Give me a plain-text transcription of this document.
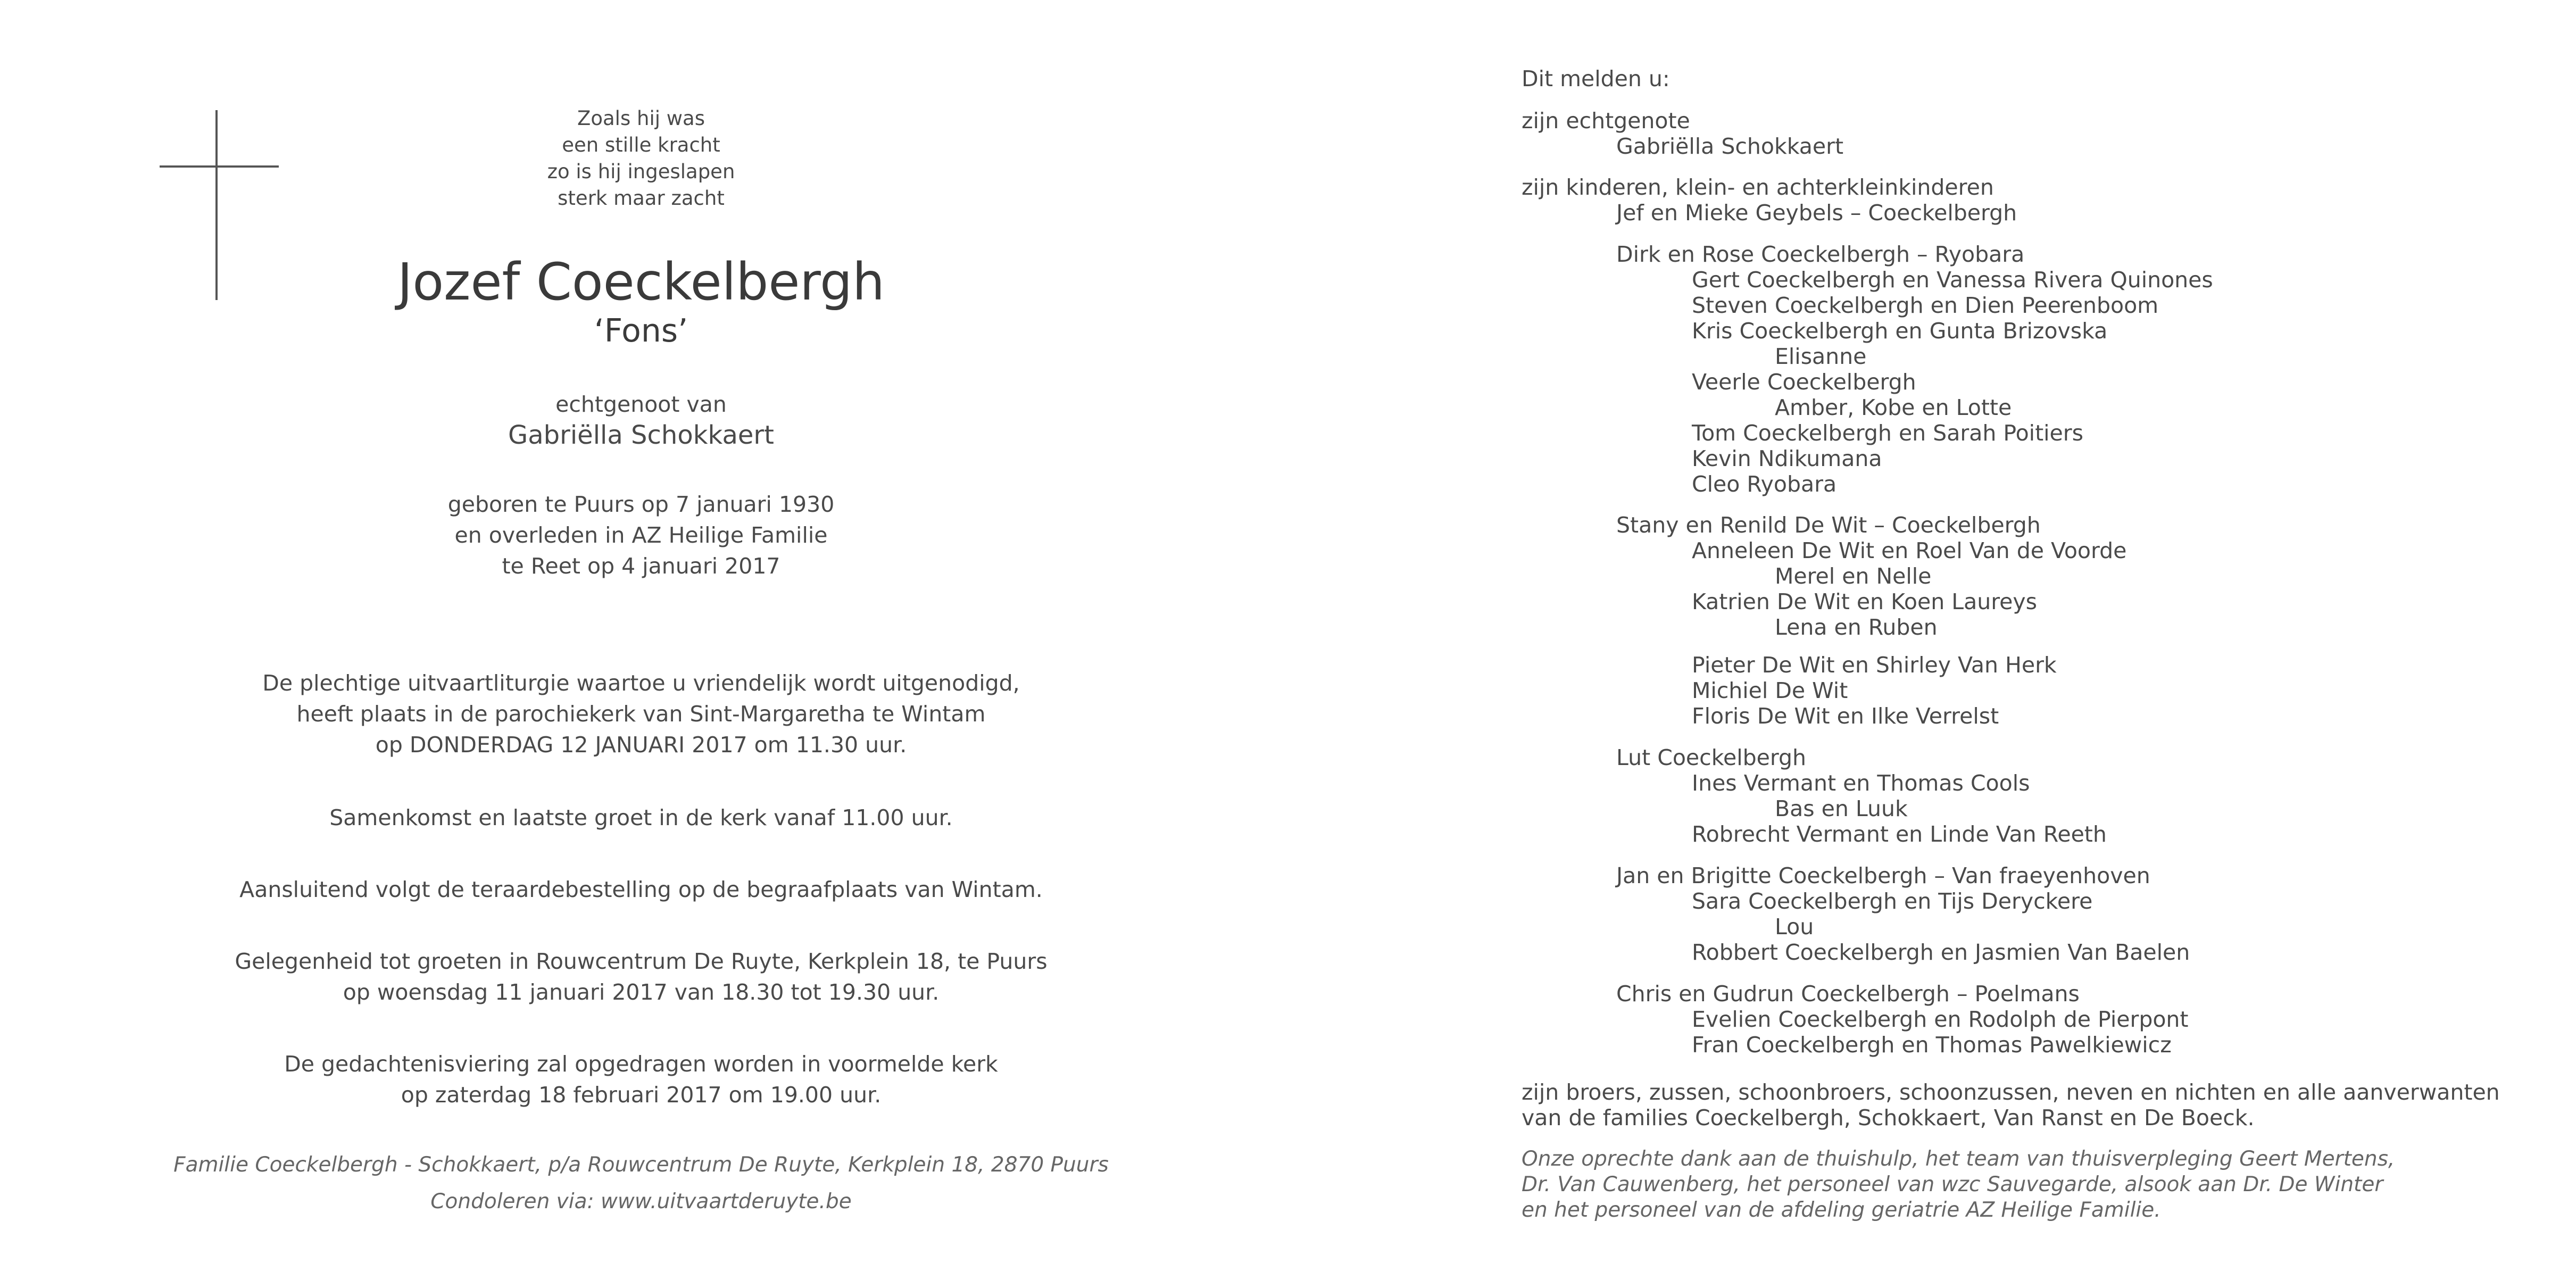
Zoals hij was
een stille kracht
zo is hij ingeslapen
sterk maar zacht
Jozef Coeckelbergh
‘Fons’
echtgenoot van
Gabriëlla Schokkaert
geboren te Puurs op 7 januari 1930
en overleden in AZ Heilige Familie
te Reet op 4 januari 2017
De plechtige uitvaartliturgie waartoe u vriendelijk wordt uitgenodigd,
heeft plaats in de parochiekerk van Sint-Margaretha te Wintam
op DONDERDAG 12 JANUARI 2017 om 11.30 uur.
Samenkomst en laatste groet in de kerk vanaf 11.00 uur.
Aansluitend volgt de teraardebestelling op de begraafplaats van Wintam.
Gelegenheid tot groeten in Rouwcentrum De Ruyte, Kerkplein 18, te Puurs
op woensdag 11 januari 2017 van 18.30 tot 19.30 uur.
De gedachtenisviering zal opgedragen worden in voormelde kerk
op zaterdag 18 februari 2017 om 19.00 uur.
Familie Coeckelbergh - Schokkaert, p/a Rouwcentrum De Ruyte, Kerkplein 18, 2870 Puurs
Condoleren via: www.uitvaartderuyte.be
Dit melden u:
zijn echtgenote
Gabriëlla Schokkaert
zijn kinderen, klein- en achterkleinkinderen
Jef en Mieke Geybels – Coeckelbergh
Dirk en Rose Coeckelbergh – Ryobara
Gert Coeckelbergh en Vanessa Rivera Quinones
Steven Coeckelbergh en Dien Peerenboom
Kris Coeckelbergh en Gunta Brizovska
Elisanne
Veerle Coeckelbergh
Amber, Kobe en Lotte
Tom Coeckelbergh en Sarah Poitiers
Kevin Ndikumana
Cleo Ryobara
Stany en Renild De Wit – Coeckelbergh
Anneleen De Wit en Roel Van de Voorde
Merel en Nelle
Katrien De Wit en Koen Laureys
Lena en Ruben
Pieter De Wit en Shirley Van Herk
Michiel De Wit
Floris De Wit en Ilke Verrelst
Lut Coeckelbergh
Ines Vermant en Thomas Cools
Bas en Luuk
Robrecht Vermant en Linde Van Reeth
Jan en Brigitte Coeckelbergh – Van fraeyenhoven
Sara Coeckelbergh en Tijs Deryckere
Lou
Robbert Coeckelbergh en Jasmien Van Baelen
Chris en Gudrun Coeckelbergh – Poelmans
Evelien Coeckelbergh en Rodolph de Pierpont
Fran Coeckelbergh en Thomas Pawelkiewicz
zijn broers, zussen, schoonbroers, schoonzussen, neven en nichten en alle aanverwanten
van de families Coeckelbergh, Schokkaert, Van Ranst en De Boeck.
Onze oprechte dank aan de thuishulp, het team van thuisverpleging Geert Mertens,
Dr. Van Cauwenberg, het personeel van wzc Sauvegarde, alsook aan Dr. De Winter
en het personeel van de afdeling geriatrie AZ Heilige Familie.
